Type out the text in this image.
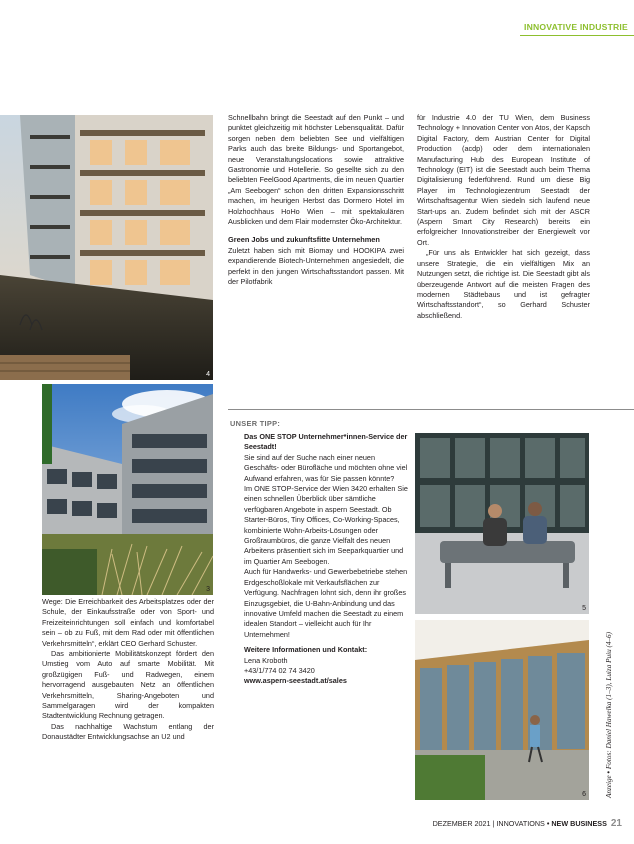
INNOVATIVE INDUSTRIE
4
3
5
6

Schnellbahn bringt die Seestadt auf den Punkt – und punktet gleichzeitig mit höchster Lebensqualität. Dafür sorgen neben dem beliebten See und vielfältigen Parks auch das breite Bildungs- und Sportangebot, neue Veranstaltungslocations sowie attraktive Gastronomie und Hotellerie. So gesellte sich zu den beliebten FeelGood Apartments, die im neuen Quartier „Am Seebogen“ schon den dritten Expansionsschritt machen, im heurigen Herbst das Dormero Hotel im Holzhochhaus HoHo Wien – mit spektakulären Ausblicken und dem Flair modernster Öko-Architektur.

Green Jobs und zukunftsfitte Unternehmen

Zuletzt haben sich mit Biomay und HOOKIPA zwei expandierende Biotech-Unternehmen angesiedelt, die perfekt in den jungen Wirtschaftsstandort passen. Mit der Pilotfabrik

für Industrie 4.0 der TU Wien, dem Business Technology + Innovation Center von Atos, der Kapsch Digital Factory, dem Austrian Center for Digital Production (acdp) oder dem internationalen Manufacturing Hub des European Institute of Technology (EIT) ist die Seestadt auch beim Thema Digitalisierung federführend. Rund um diese Big Player im Technologiezentrum Seestadt der Wirtschaftsagentur Wien siedeln sich laufend neue Start-ups an. Zudem befindet sich mit der ASCR (Aspern Smart City Research) bereits ein erfolgreicher Innovationstreiber der Energiewelt vor Ort.

„Für uns als Entwickler hat sich gezeigt, dass unsere Strategie, die ein vielfältigen Mix an Nutzungen setzt, die richtige ist. Die Seestadt gibt als überzeugende Antwort auf die meisten Fragen des modernen Städtebaus und ist gefragter Wirtschaftsstandort“, so Gerhard Schuster abschließend.

Wege: Die Erreichbarkeit des Arbeitsplatzes oder der Schule, der Einkaufsstraße oder von Sport- und Freizeiteinrichtungen soll einfach und komfortabel sein – ob zu Fuß, mit dem Rad oder mit öffentlichen Verkehrsmitteln“, erklärt CEO Gerhard Schuster.

Das ambitionierte Mobilitätskonzept fördert den Umstieg vom Auto auf smarte Mobilität. Mit großzügigen Fuß- und Radwegen, einem hervorragend ausgebauten Netz an öffentlichen Verkehrsmitteln, Sharing-Angeboten und Sammelgaragen wird der kompakten Stadtentwicklung Rechnung getragen.

Das nachhaltige Wachstum entlang der Donaustädter Entwicklungsachse an U2 und

UNSER TIPP:

Das ONE STOP Unternehmer*innen-Service der Seestadt!

Sie sind auf der Suche nach einer neuen Geschäfts- oder Bürofläche und möchten ohne viel Aufwand erfahren, was für Sie passen könnte?

Im ONE STOP-Service der Wien 3420 erhalten Sie einen schnellen Überblick über sämtliche verfügbaren Angebote in aspern Seestadt. Ob Starter-Büros, Tiny Offices, Co-Working-Spaces, kombinierte Wohn-Arbeits-Lösungen oder Großraumbüros, die ganze Vielfalt des neuen Arbeitens präsentiert sich im Seeparkquartier und im Quartier Am Seebogen.

Auch für Handwerks- und Gewerbebetriebe stehen Erdgeschoßlokale mit Verkaufsflächen zur Verfügung. Nachfragen lohnt sich, denn ihr großes Einzugsgebiet, die U-Bahn-Anbindung und das innovative Umfeld machen die Seestadt zu einem idealen Standort – vielleicht auch für Ihr Unternehmen!

Weitere Informationen und Kontakt:

Lena Kroboth

+43/1/774 02 74 3420

www.aspern-seestadt.at/sales

Anzeige • Fotos: Daniel Hawelka (1–3), Luiza Puiu (4–6)
DEZEMBER 2021 | INNOVATIONS • NEW BUSINESS 21
